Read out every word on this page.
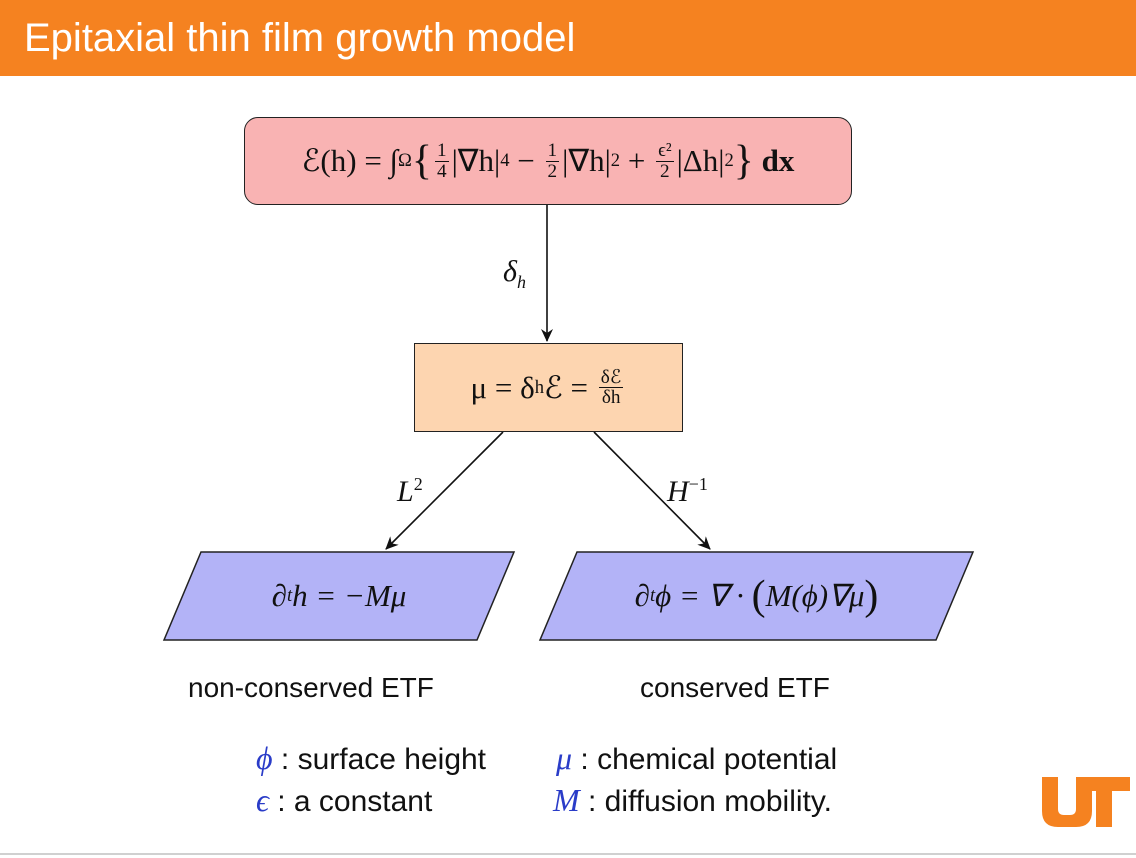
Epitaxial thin film growth model
ℰ(h) = ∫ Ω { $\frac{1}{4} |\nabla h|$ $4 - \frac{1}{2} |\nabla h|$ $2 + \frac{\text{ϵ²}}{2} |\Delta h|$ 2 } dx
$\delta_h$
μ = δ h ℰ = $\frac{\text{δℰ}}{\delta h}$
$L^2$	$H^{-1}$
∂ t h = −Mμ	∂ t ϕ = ∇ · ( M(ϕ)∇μ )
non-conserved ETF	conserved ETF
ϕ : surface height μ : chemical potential
ϵ : a constant	M : diffusion mobility.
